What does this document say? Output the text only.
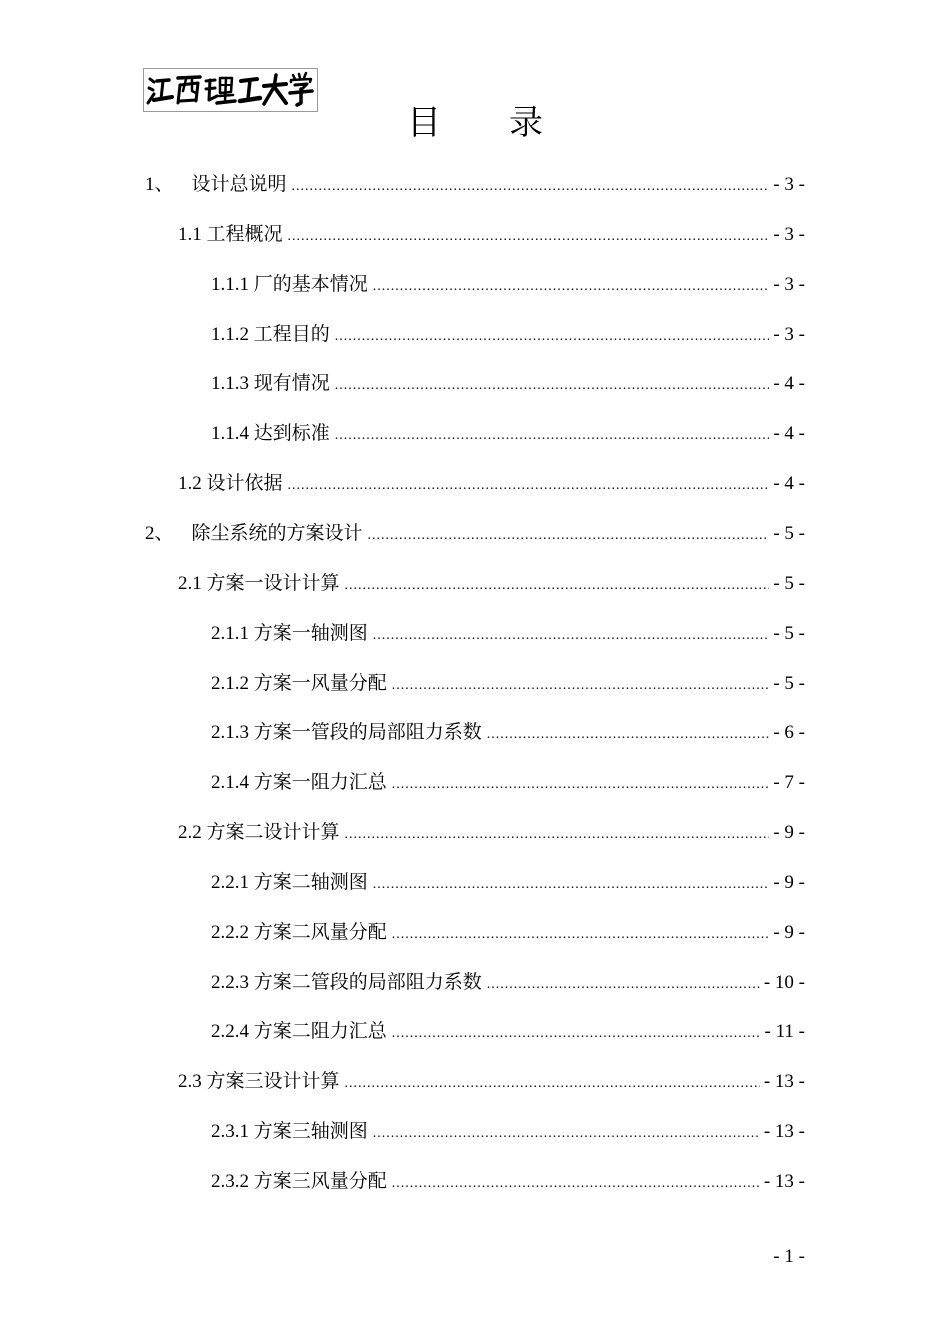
目　　录
1、 设计总说明 .....	- 3 -
1.1 工程概况 .....	- 3 -
1.1.1 厂的基本情况 .....	- 3 -
1.1.2 工程目的 .....	- 3 -
1.1.3 现有情况 .....	- 4 -
1.1.4 达到标准 .....	- 4 -
1.2 设计依据 .....	- 4 -
2、 除尘系统的方案设计 .....	- 5 -
2.1 方案一设计计算 .....	- 5 -
2.1.1 方案一轴测图 .....	- 5 -
2.1.2 方案一风量分配 .....	- 5 -
2.1.3 方案一管段的局部阻力系数 .....	- 6 -
2.1.4 方案一阻力汇总 .....	- 7 -
2.2 方案二设计计算 .....	- 9 -
2.2.1 方案二轴测图 .....	- 9 -
2.2.2 方案二风量分配 .....	- 9 -
2.2.3 方案二管段的局部阻力系数 .....	- 10 -
2.2.4 方案二阻力汇总 .....	- 11 -
2.3 方案三设计计算 .....	- 13 -
2.3.1 方案三轴测图 .....	- 13 -
2.3.2 方案三风量分配 .....	- 13 -
- 1 -
